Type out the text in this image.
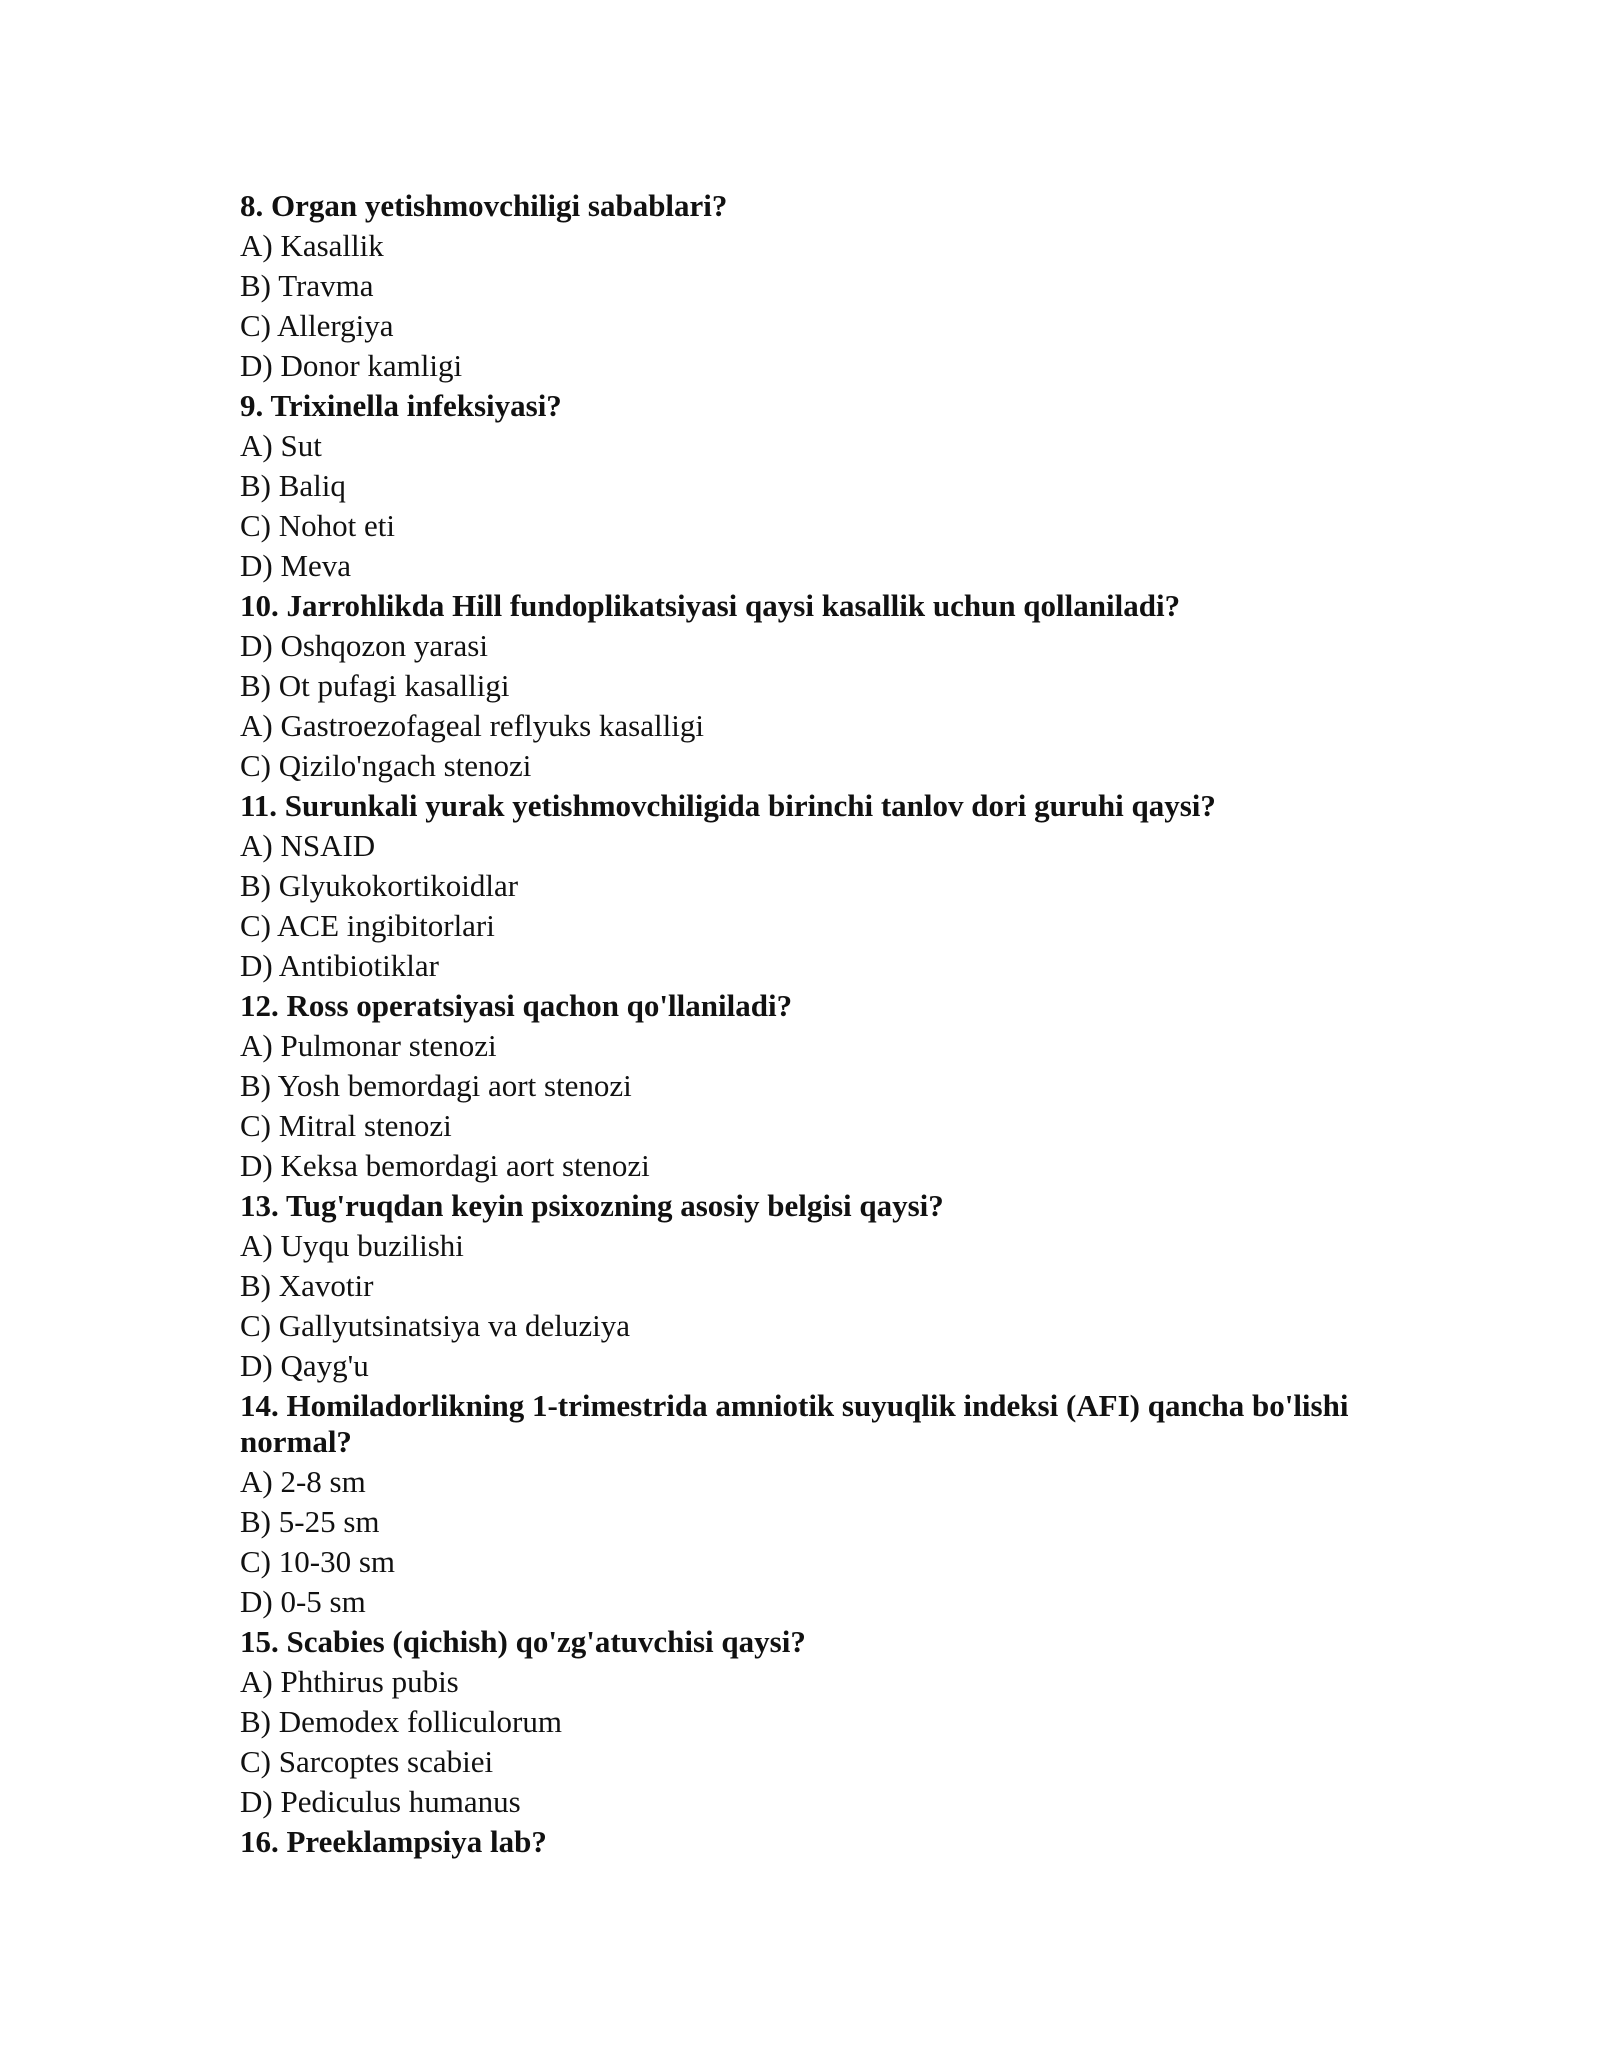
8. Organ yetishmovchiligi sabablari?
A) Kasallik
B) Travma
C) Allergiya
D) Donor kamligi
9. Trixinella infeksiyasi?
A) Sut
B) Baliq
C) Nohot eti
D) Meva
10. Jarrohlikda Hill fundoplikatsiyasi qaysi kasallik uchun qollaniladi?
D) Oshqozon yarasi
B) Ot pufagi kasalligi
A) Gastroezofageal reflyuks kasalligi
C) Qizilo'ngach stenozi
11. Surunkali yurak yetishmovchiligida birinchi tanlov dori guruhi qaysi?
A) NSAID
B) Glyukokortikoidlar
C) ACE ingibitorlari
D) Antibiotiklar
12. Ross operatsiyasi qachon qo'llaniladi?
A) Pulmonar stenozi
B) Yosh bemordagi aort stenozi
C) Mitral stenozi
D) Keksa bemordagi aort stenozi
13. Tug'ruqdan keyin psixozning asosiy belgisi qaysi?
A) Uyqu buzilishi
B) Xavotir
C) Gallyutsinatsiya va deluziya
D) Qayg'u
14. Homiladorlikning 1-trimestrida amniotik suyuqlik indeksi (AFI) qancha bo'lishi normal?
A) 2-8 sm
B) 5-25 sm
C) 10-30 sm
D) 0-5 sm
15. Scabies (qichish) qo'zg'atuvchisi qaysi?
A) Phthirus pubis
B) Demodex folliculorum
C) Sarcoptes scabiei
D) Pediculus humanus
16. Preeklampsiya lab?
